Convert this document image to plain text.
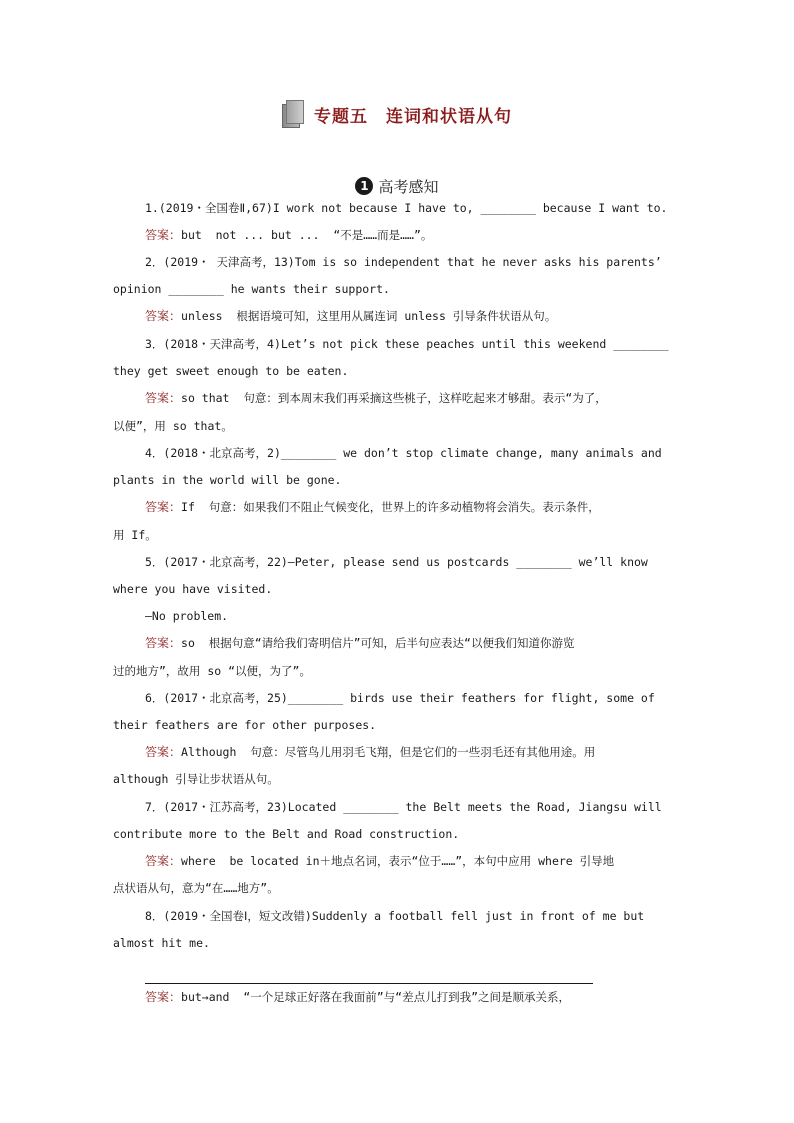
专题五　连词和状语从句
1 高考感知
1.(2019・全国卷Ⅱ,67)I work not because I have to, ________ because I want to.
答案：but  not ... but ...  “不是……而是……”。
2．(2019・ 天津高考，13)Tom is so independent that he never asks his parents’
opinion ________ he wants their support.
答案：unless  根据语境可知，这里用从属连词 unless 引导条件状语从句。
3．(2018・天津高考，4)Let’s not pick these peaches until this weekend ________
they get sweet enough to be eaten.
答案：so that  句意：到本周末我们再采摘这些桃子，这样吃起来才够甜。表示“为了，
以便”，用 so that。
4．(2018・北京高考，2)________ we don’t stop climate change, many animals and
plants in the world will be gone.
答案：If  句意：如果我们不阻止气候变化，世界上的许多动植物将会消失。表示条件，
用 If。
5．(2017・北京高考，22)—Peter, please send us postcards ________ we’ll know
where you have visited.
—No problem.
答案：so  根据句意“请给我们寄明信片”可知，后半句应表达“以便我们知道你游览
过的地方”，故用 so “以便，为了”。
6．(2017・北京高考，25)________ birds use their feathers for flight, some of
their feathers are for other purposes.
答案：Although  句意：尽管鸟儿用羽毛飞翔，但是它们的一些羽毛还有其他用途。用
although 引导让步状语从句。
7．(2017・江苏高考，23)Located ________ the Belt meets the Road, Jiangsu will
contribute more to the Belt and Road construction.
答案：where  be located in＋地点名词，表示“位于……”，本句中应用 where 引导地
点状语从句，意为“在……地方”。
8．(2019・全国卷Ⅰ，短文改错)Suddenly a football fell just in front of me but
almost hit me.
答案：but→and  “一个足球正好落在我面前”与“差点儿打到我”之间是顺承关系，
